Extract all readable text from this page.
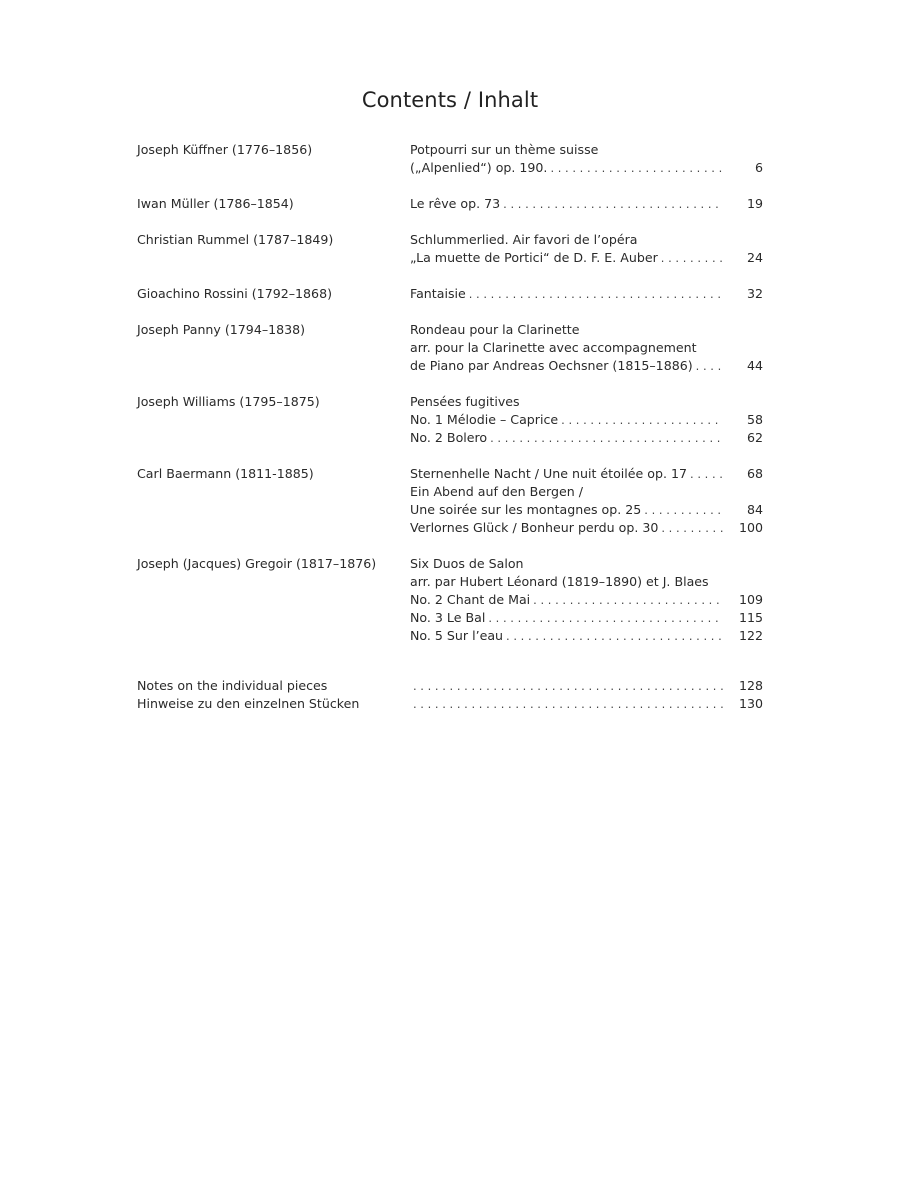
Contents / Inhalt
Joseph Küffner (1776–1856)	Potpourri sur un thème suisse
(„Alpenlied“) op. 190. . . .	6
Iwan Müller (1786–1854)	Le rêve op. 73 . . .	19
Christian Rummel (1787–1849)	Schlummerlied. Air favori de l’opéra
„La muette de Portici“ de D. F. E. Auber . . .	24
Gioachino Rossini (1792–1868)	Fantaisie . . .	32
Joseph Panny (1794–1838)	Rondeau pour la Clarinette
arr. pour la Clarinette avec accompagnement
de Piano par Andreas Oechsner (1815–1886) . . .	44
Joseph Williams (1795–1875)	Pensées fugitives
No. 1 Mélodie – Caprice . . .	58
No. 2 Bolero . . .	62
Carl Baermann (1811-1885)	Sternenhelle Nacht / Une nuit étoilée op. 17 . . .	68
Ein Abend auf den Bergen /
Une soirée sur les montagnes op. 25 . . .	84
Verlornes Glück / Bonheur perdu op. 30 . . .	100
Joseph (Jacques) Gregoir (1817–1876)	Six Duos de Salon
arr. par Hubert Léonard (1819–1890) et J. Blaes
No. 2 Chant de Mai . . .	109
No. 3 Le Bal . . .	115
No. 5 Sur l’eau . . .	122
Notes on the individual pieces . . .	128
Hinweise zu den einzelnen Stücken . . .	130
